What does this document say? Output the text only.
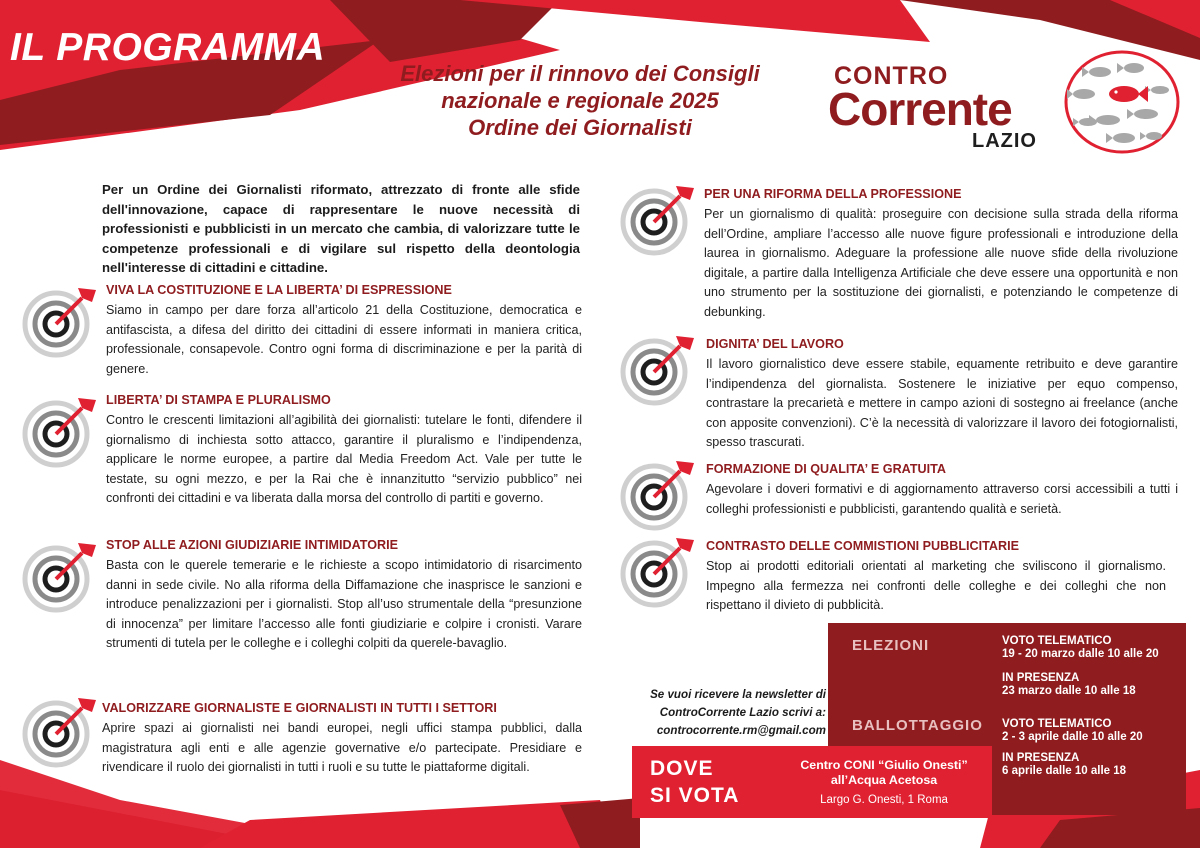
IL PROGRAMMA
Elezioni per il rinnovo dei Consigli
nazionale e regionale 2025
Ordine dei Giornalisti
CONTRO
Corrente
LAZIO
Per un Ordine dei Giornalisti riformato, attrezzato di fronte alle sfide dell'innovazione, capace di rappresentare le nuove necessità di professionisti e pubblicisti in un mercato che cambia, di valorizzare tutte le competenze professionali e di vigilare sul rispetto della deontologia nell'interesse di cittadini e cittadine.
VIVA LA COSTITUZIONE E LA LIBERTA’ DI ESPRESSIONE

Siamo in campo per dare forza all’articolo 21 della Costituzione, democratica e antifascista, a difesa del diritto dei cittadini di essere informati in maniera critica, professionale, consapevole. Contro ogni forma di discriminazione e per la parità di genere.

LIBERTA’ DI STAMPA E PLURALISMO

Contro le crescenti limitazioni all’agibilità dei giornalisti: tutelare le fonti, difendere il giornalismo di inchiesta sotto attacco, garantire il pluralismo e l’indipendenza, applicare le norme europee, a partire dal Media Freedom Act. Vale per tutte le testate, su ogni mezzo, e per la Rai che è innanzitutto “servizio pubblico” nei confronti dei cittadini e va liberata dalla morsa del controllo di partiti e governo.

STOP ALLE AZIONI GIUDIZIARIE INTIMIDATORIE

Basta con le querele temerarie e le richieste a scopo intimidatorio di risarcimento danni in sede civile. No alla riforma della Diffamazione che inasprisce le sanzioni e introduce penalizzazioni per i giornalisti. Stop all’uso strumentale della “presunzione di innocenza” per limitare l’accesso alle fonti giudiziarie e colpire i cronisti. Varare strumenti di tutela per le colleghe e i colleghi colpiti da querele-bavaglio.

VALORIZZARE GIORNALISTE E GIORNALISTI IN TUTTI I SETTORI

Aprire spazi ai giornalisti nei bandi europei, negli uffici stampa pubblici, dalla magistratura agli enti e alle agenzie governative e/o partecipate. Presidiare e rivendicare il ruolo dei giornalisti in tutti i ruoli e su tutte le piattaforme digitali.

PER UNA RIFORMA DELLA PROFESSIONE

Per un giornalismo di qualità: proseguire con decisione sulla strada della riforma dell’Ordine, ampliare l’accesso alle nuove figure professionali e introduzione della laurea in giornalismo. Adeguare la professione alle nuove sfide della rivoluzione digitale, a partire dalla Intelligenza Artificiale che deve essere una opportunità e non uno strumento per la sostituzione dei giornalisti, e potenziando le competenze di debunking.

DIGNITA’ DEL LAVORO

Il lavoro giornalistico deve essere stabile, equamente retribuito e deve garantire l’indipendenza del giornalista. Sostenere le iniziative per equo compenso, contrastare la precarietà e mettere in campo azioni di sostegno ai freelance (anche con apposite convenzioni). C’è la necessità di valorizzare il lavoro dei fotogiornalisti, spesso trascurati.

FORMAZIONE DI QUALITA’ E GRATUITA

Agevolare i doveri formativi e di aggiornamento attraverso corsi accessibili a tutti i colleghi professionisti e pubblicisti, garantendo qualità e serietà.

CONTRASTO DELLE COMMISTIONI PUBBLICITARIE

Stop ai prodotti editoriali orientati al marketing che sviliscono il giornalismo. Impegno alla fermezza nei confronti delle colleghe e dei colleghi che non rispettano il divieto di pubblicità.

ELEZIONI	VOTO TELEMATICO
19 - 20 marzo dalle 10 alle 20
IN PRESENZA
23 marzo dalle 10 alle 18
BALLOTTAGGIO VOTO TELEMATICO
2 - 3 aprile dalle 10 alle 20
IN PRESENZA
6 aprile dalle 10 alle 18
Se vuoi ricevere la newsletter di
ControCorrente Lazio scrivi a:
controcorrente.rm@gmail.com
DOVE
SI VOTA
Centro CONI “Giulio Onesti”
all’Acqua Acetosa
Largo G. Onesti, 1 Roma
